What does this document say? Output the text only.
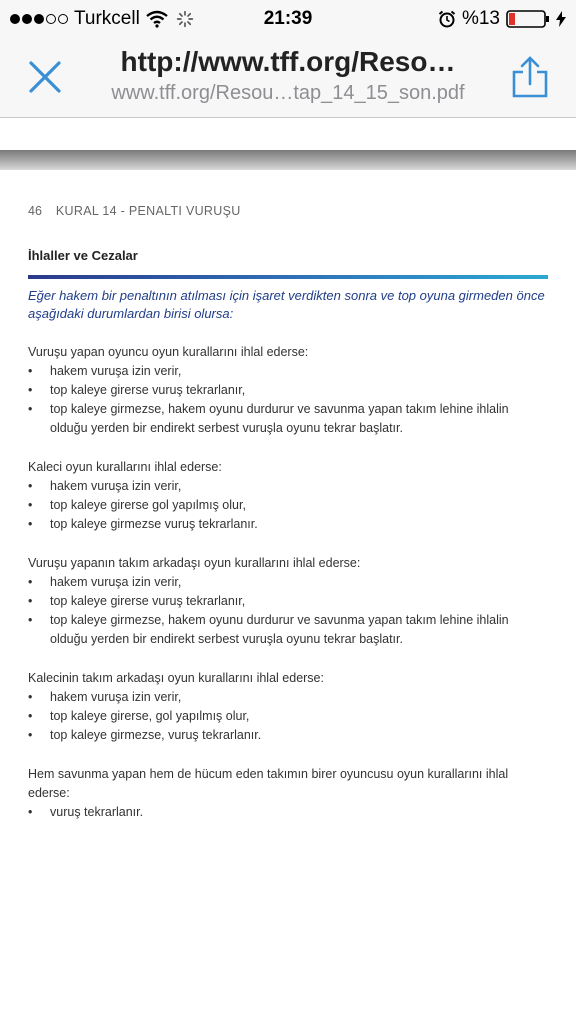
Turkcell	21:39	%13
http://www.tff.org/Reso…
www.tff.org/Resou…tap_14_15_son.pdf
46 KURAL 14 - PENALTI VURUŞU
İhlaller ve Cezalar
Eğer hakem bir penaltının atılması için işaret verdikten sonra ve top oyuna girmeden önce aşağıdaki durumlardan birisi olursa:
Vuruşu yapan oyuncu oyun kurallarını ihlal ederse:
•	hakem vuruşa izin verir,
•	top kaleye girerse vuruş tekrarlanır,
•	top kaleye girmezse, hakem oyunu durdurur ve savunma yapan takım lehine ihlalin olduğu yerden bir endirekt serbest vuruşla oyunu tekrar başlatır.
Kaleci oyun kurallarını ihlal ederse:
•	hakem vuruşa izin verir,
•	top kaleye girerse gol yapılmış olur,
•	top kaleye girmezse vuruş tekrarlanır.
Vuruşu yapanın takım arkadaşı oyun kurallarını ihlal ederse:
•	hakem vuruşa izin verir,
•	top kaleye girerse vuruş tekrarlanır,
•	top kaleye girmezse, hakem oyunu durdurur ve savunma yapan takım lehine ihlalin olduğu yerden bir endirekt serbest vuruşla oyunu tekrar başlatır.
Kalecinin takım arkadaşı oyun kurallarını ihlal ederse:
•	hakem vuruşa izin verir,
•	top kaleye girerse, gol yapılmış olur,
•	top kaleye girmezse, vuruş tekrarlanır.
Hem savunma yapan hem de hücum eden takımın birer oyuncusu oyun kurallarını ihlal ederse:
•	vuruş tekrarlanır.
